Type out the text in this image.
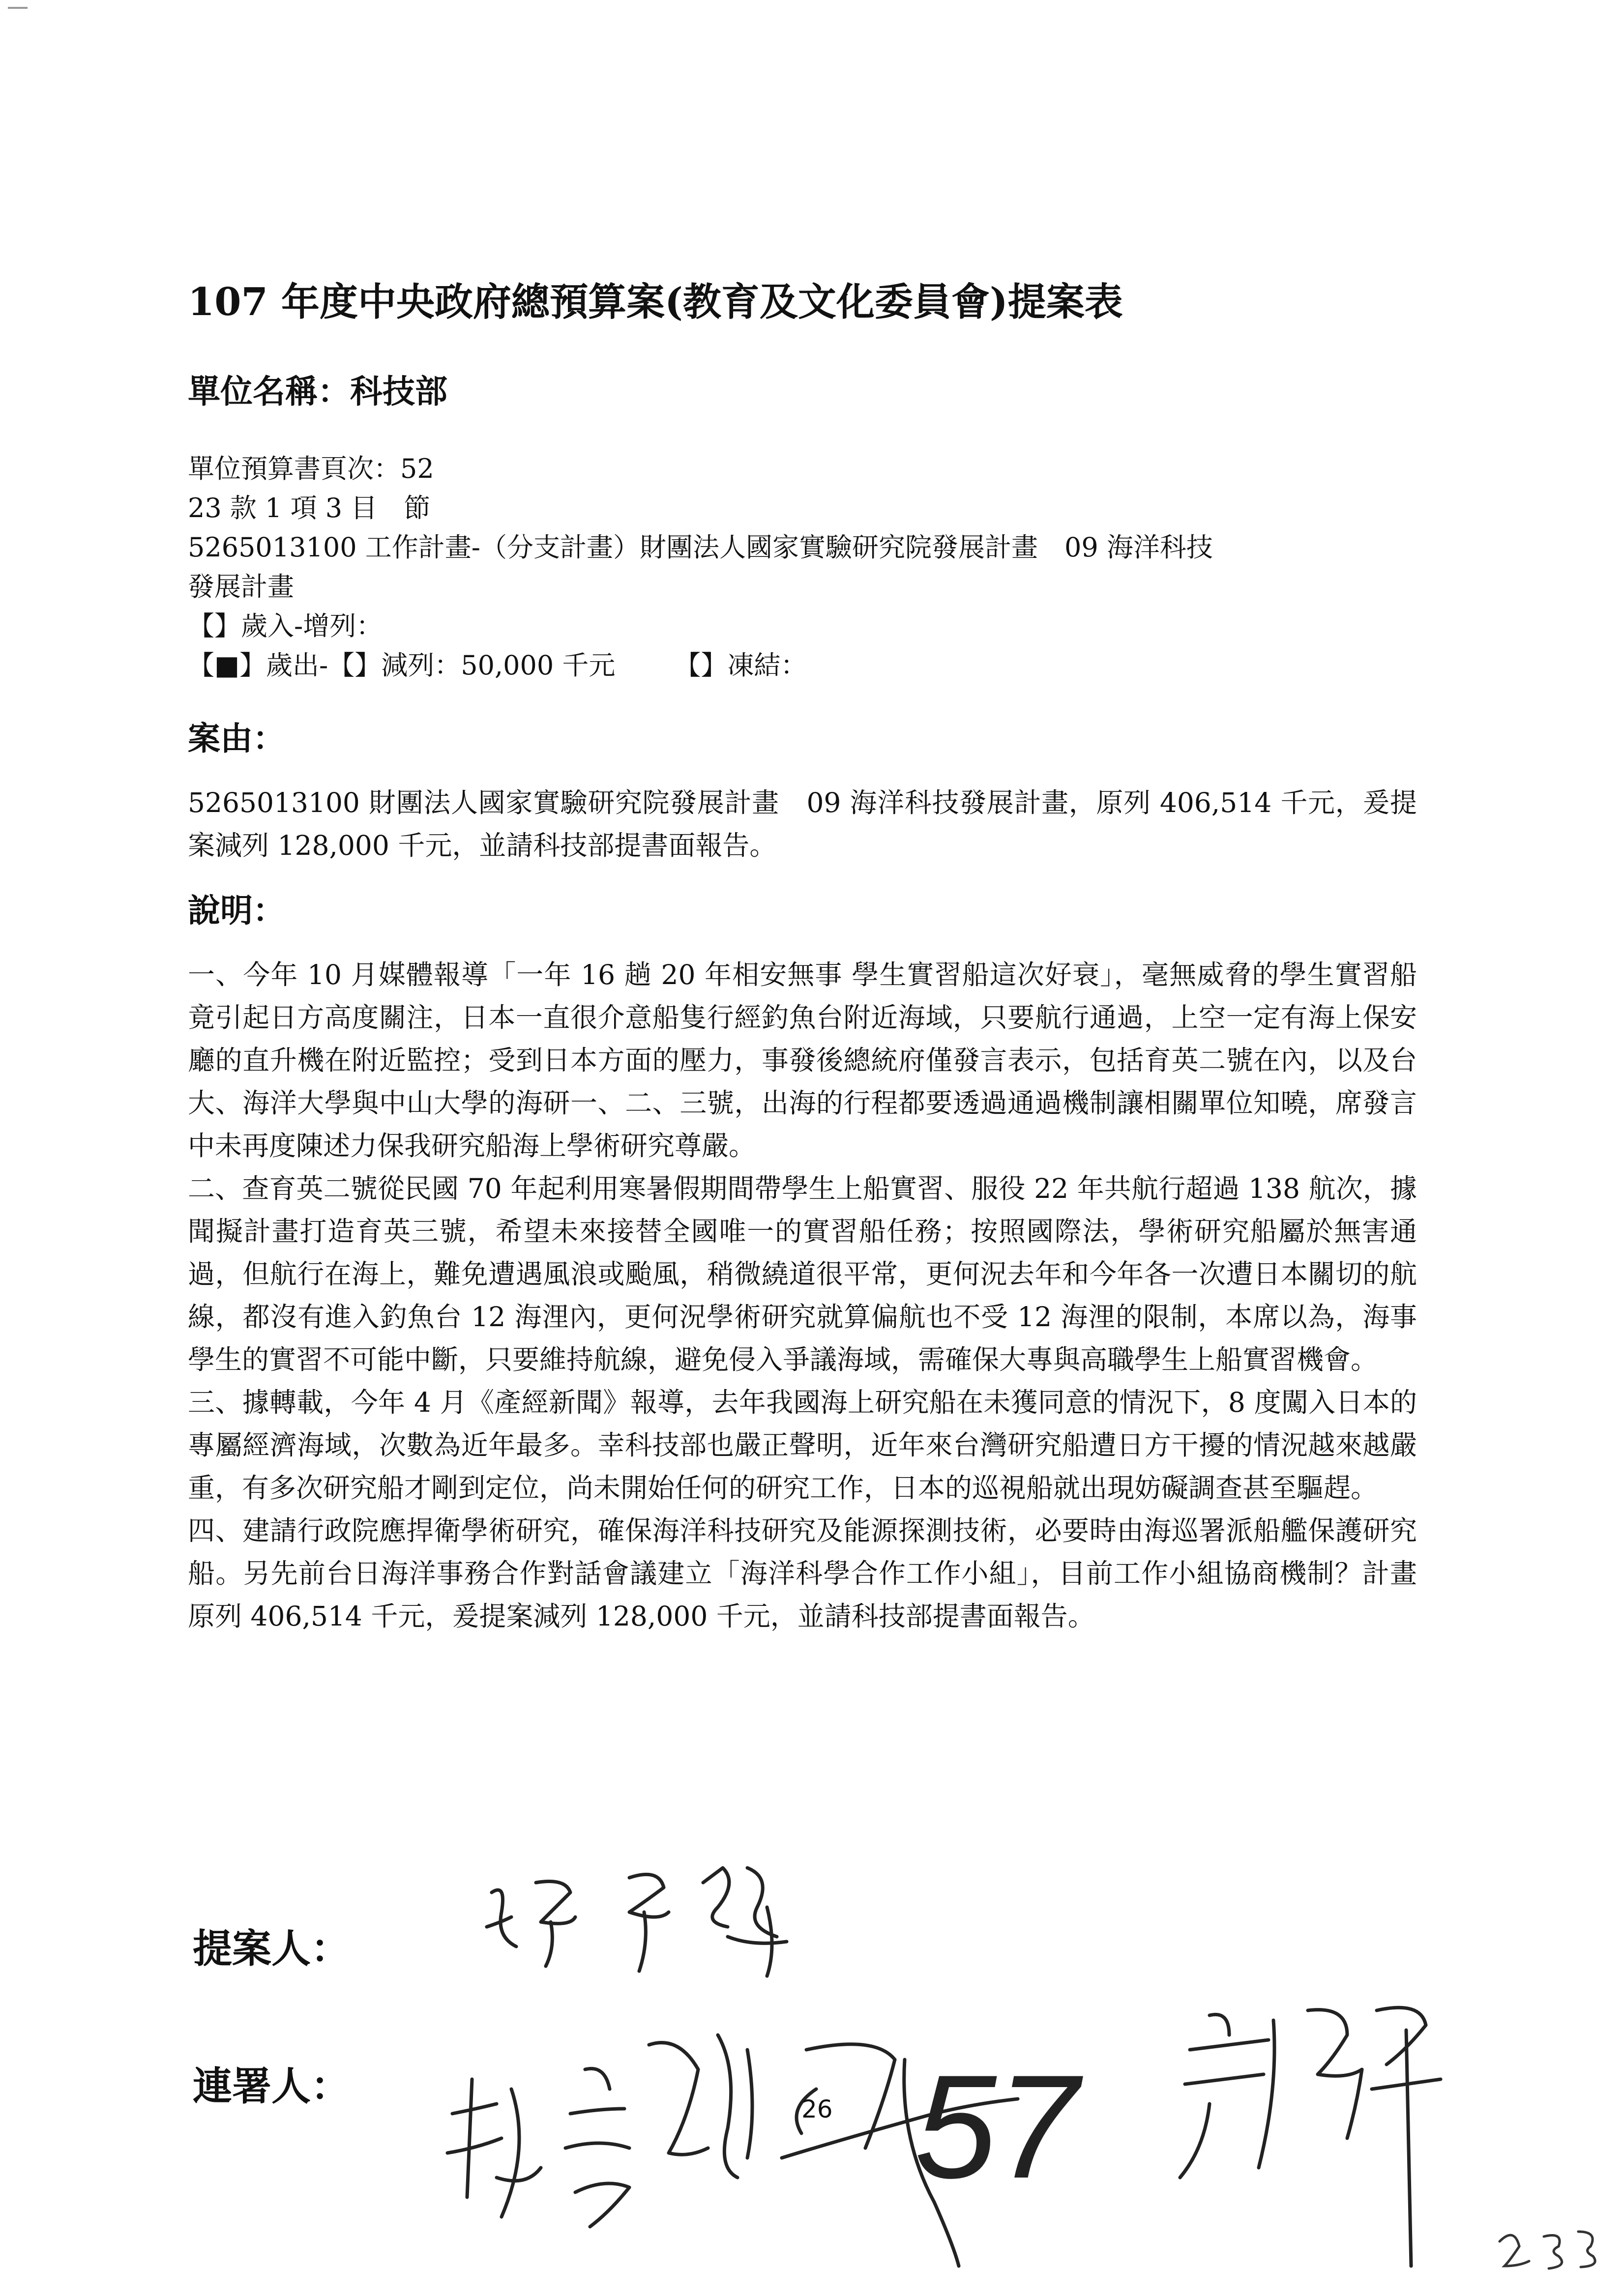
107 年度中央政府總預算案(教育及文化委員會)提案表
單位名稱：科技部
單位預算書頁次：52
23 款 1 項 3 目　節
5265013100 工作計畫-（分支計畫）財團法人國家實驗研究院發展計畫　09 海洋科技
發展計畫
【】歲入-增列：
【■】歲出-【】減列：50,000 千元 【】凍結：
案由：

5265013100 財團法人國家實驗研究院發展計畫　09 海洋科技發展計畫，原列 406,514 千元，爰提案減列 128,000 千元，並請科技部提書面報告。

說明：

一、今年 10 月媒體報導「一年 16 趟 20 年相安無事 學生實習船這次好衰」，毫無威脅的學生實習船竟引起日方高度關注，日本一直很介意船隻行經釣魚台附近海域，只要航行通過，上空一定有海上保安廳的直升機在附近監控；受到日本方面的壓力，事發後總統府僅發言表示，包括育英二號在內，以及台大、海洋大學與中山大學的海研一、二、三號，出海的行程都要透過通過機制讓相關單位知曉，席發言中未再度陳述力保我研究船海上學術研究尊嚴。

二、查育英二號從民國 70 年起利用寒暑假期間帶學生上船實習、服役 22 年共航行超過 138 航次，據聞擬計畫打造育英三號，希望未來接替全國唯一的實習船任務；按照國際法，學術研究船屬於無害通過，但航行在海上，難免遭遇風浪或颱風，稍微繞道很平常，更何況去年和今年各一次遭日本關切的航線，都沒有進入釣魚台 12 海浬內，更何況學術研究就算偏航也不受 12 海浬的限制，本席以為，海事學生的實習不可能中斷，只要維持航線，避免侵入爭議海域，需確保大專與高職學生上船實習機會。

三、據轉載，今年 4 月《產經新聞》報導，去年我國海上研究船在未獲同意的情況下，8 度闖入日本的專屬經濟海域，次數為近年最多。幸科技部也嚴正聲明，近年來台灣研究船遭日方干擾的情況越來越嚴重，有多次研究船才剛到定位，尚未開始任何的研究工作，日本的巡視船就出現妨礙調查甚至驅趕。

四、建請行政院應捍衛學術研究，確保海洋科技研究及能源探測技術，必要時由海巡署派船艦保護研究船。另先前台日海洋事務合作對話會議建立「海洋科學合作工作小組」，目前工作小組協商機制？計畫原列 406,514 千元，爰提案減列 128,000 千元，並請科技部提書面報告。

提案人：
連署人：	57
26
